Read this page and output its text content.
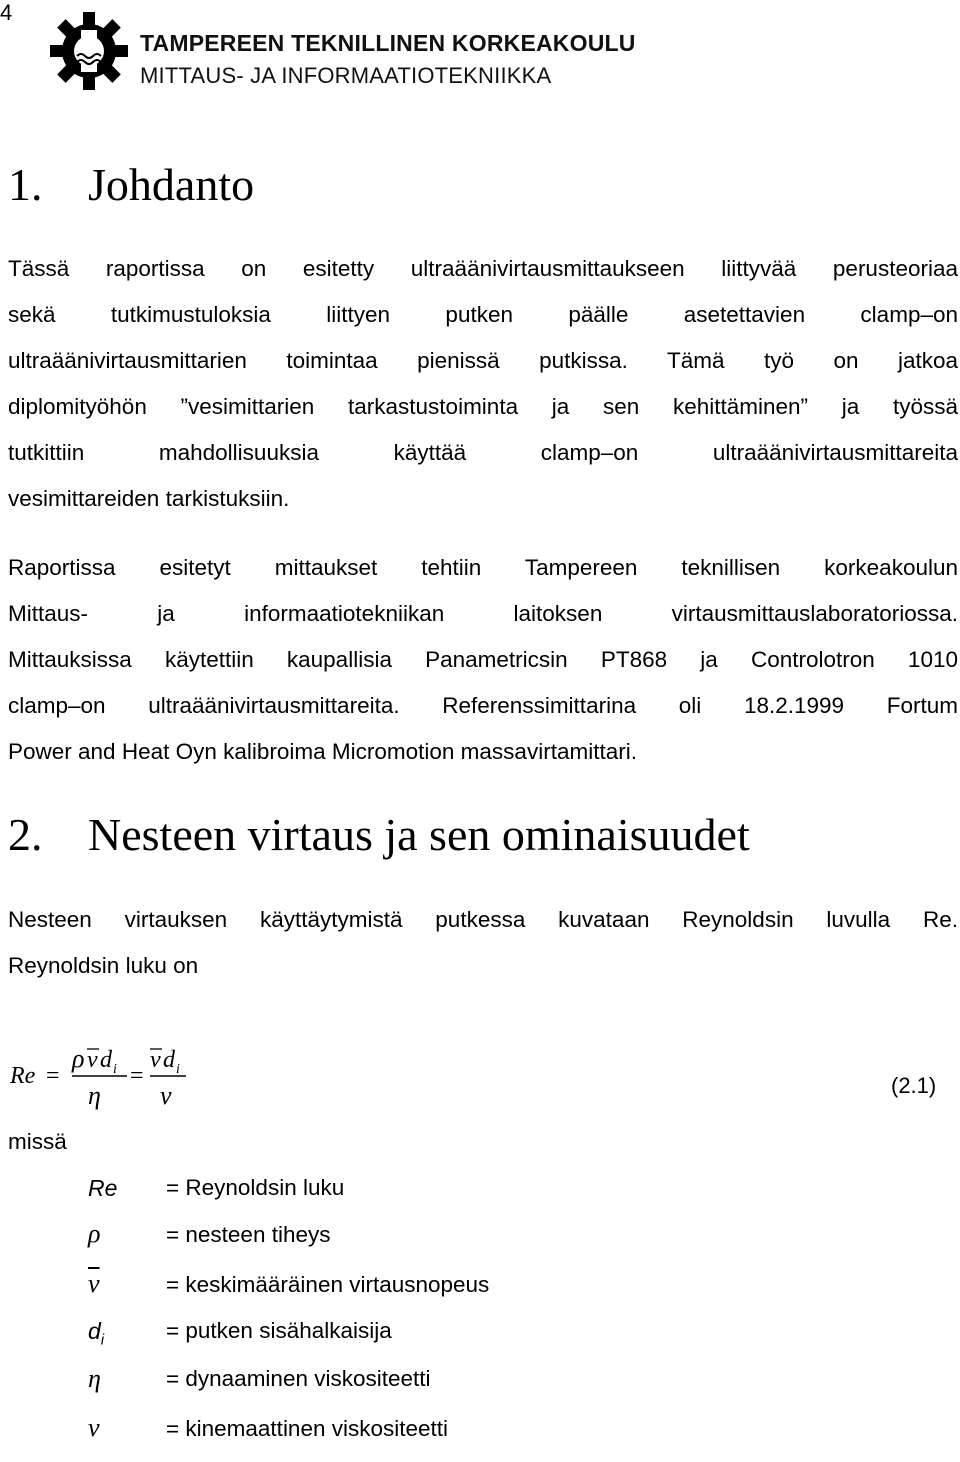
4
TAMPEREEN TEKNILLINEN KORKEAKOULU
MITTAUS- JA INFORMAATIOTEKNIIKKA
1. Johdanto
Tässä raportissa on esitetty ultraäänivirtausmittaukseen liittyvää perusteoriaa
sekä tutkimustuloksia liittyen putken päälle asetettavien clamp–on
ultraäänivirtausmittarien toimintaa pienissä putkissa. Tämä työ on jatkoa
diplomityöhön ”vesimittarien tarkastustoiminta ja sen kehittäminen” ja työssä
tutkittiin mahdollisuuksia käyttää clamp–on ultraäänivirtausmittareita
vesimittareiden tarkistuksiin.
Raportissa esitetyt mittaukset tehtiin Tampereen teknillisen korkeakoulun
Mittaus- ja informaatiotekniikan laitoksen virtausmittauslaboratoriossa.
Mittauksissa käytettiin kaupallisia Panametricsin PT868 ja Controlotron 1010
clamp–on ultraäänivirtausmittareita. Referenssimittarina oli 18.2.1999 Fortum
Power and Heat Oyn kalibroima Micromotion massavirtamittari.
2. Nesteen virtaus ja sen ominaisuudet
Nesteen virtauksen käyttäytymistä putkessa kuvataan Reynoldsin luvulla Re.
Reynoldsin luku on
Re =
ρ v d i
η
=
v d i
ν	(2.1)
missä
Re = Reynoldsin luku
ρ	= nesteen tiheys
$\overline{v}$	= keskimääräinen virtausnopeus
$d_i$	= putken sisähalkaisija
η	= dynaaminen viskositeetti
ν	= kinemaattinen viskositeetti
